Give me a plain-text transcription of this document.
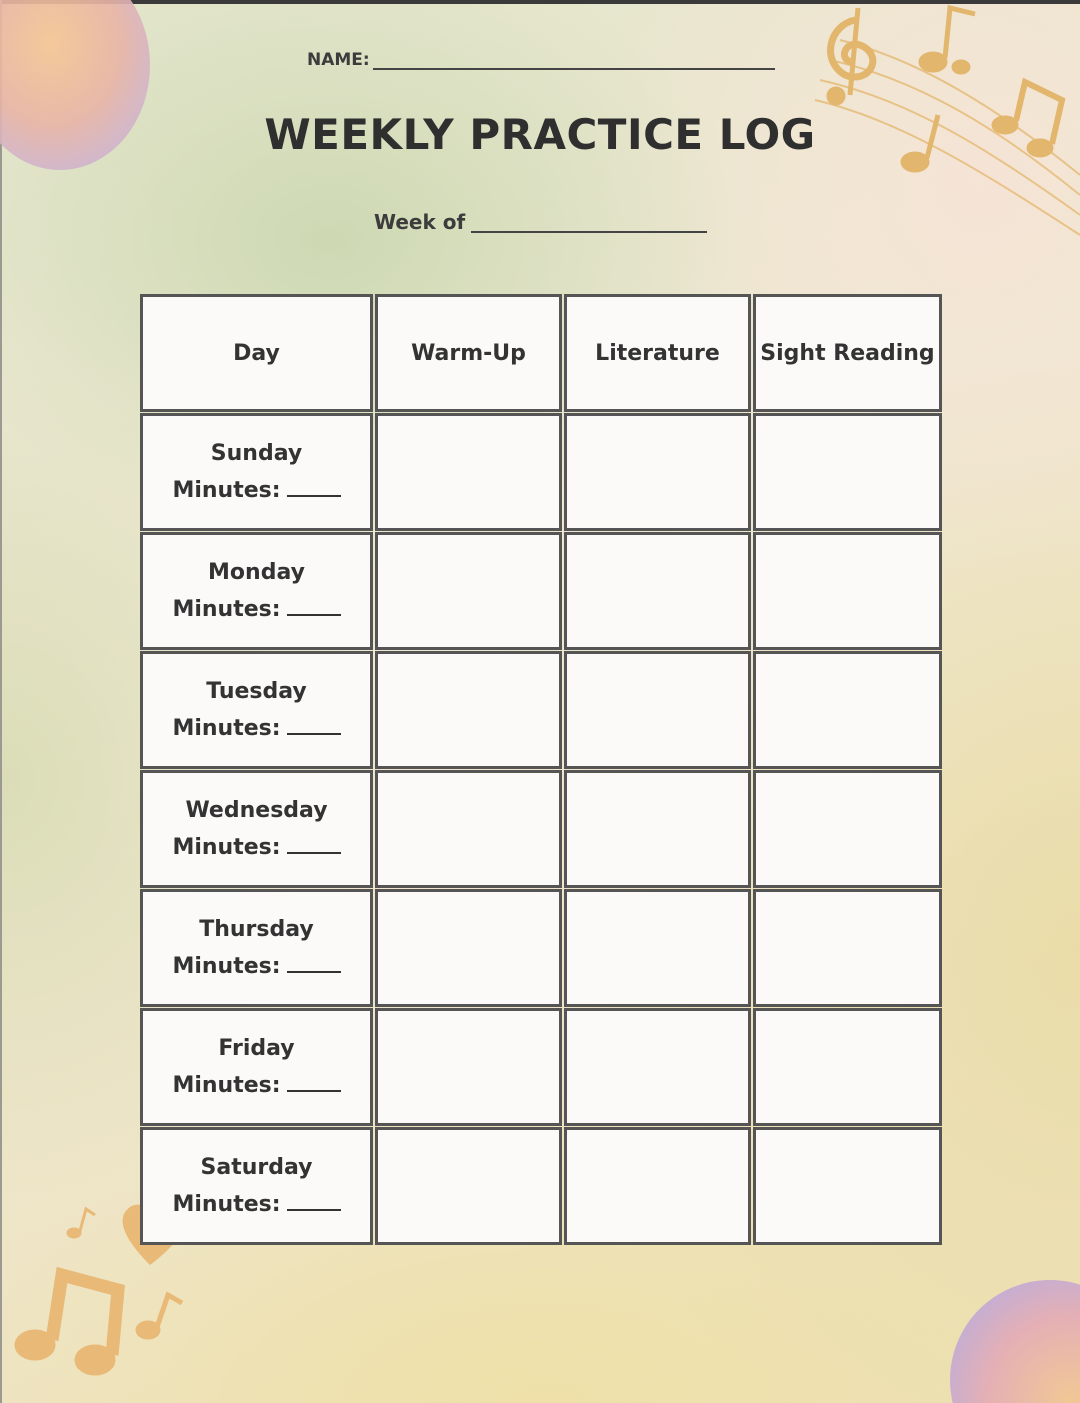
NAME:
WEEKLY PRACTICE LOG
Week of
Day	Warm-Up	Literature	Sight Reading
Sunday
Minutes:
Monday
Minutes:
Tuesday
Minutes:
Wednesday
Minutes:
Thursday
Minutes:
Friday
Minutes:
Saturday
Minutes:
